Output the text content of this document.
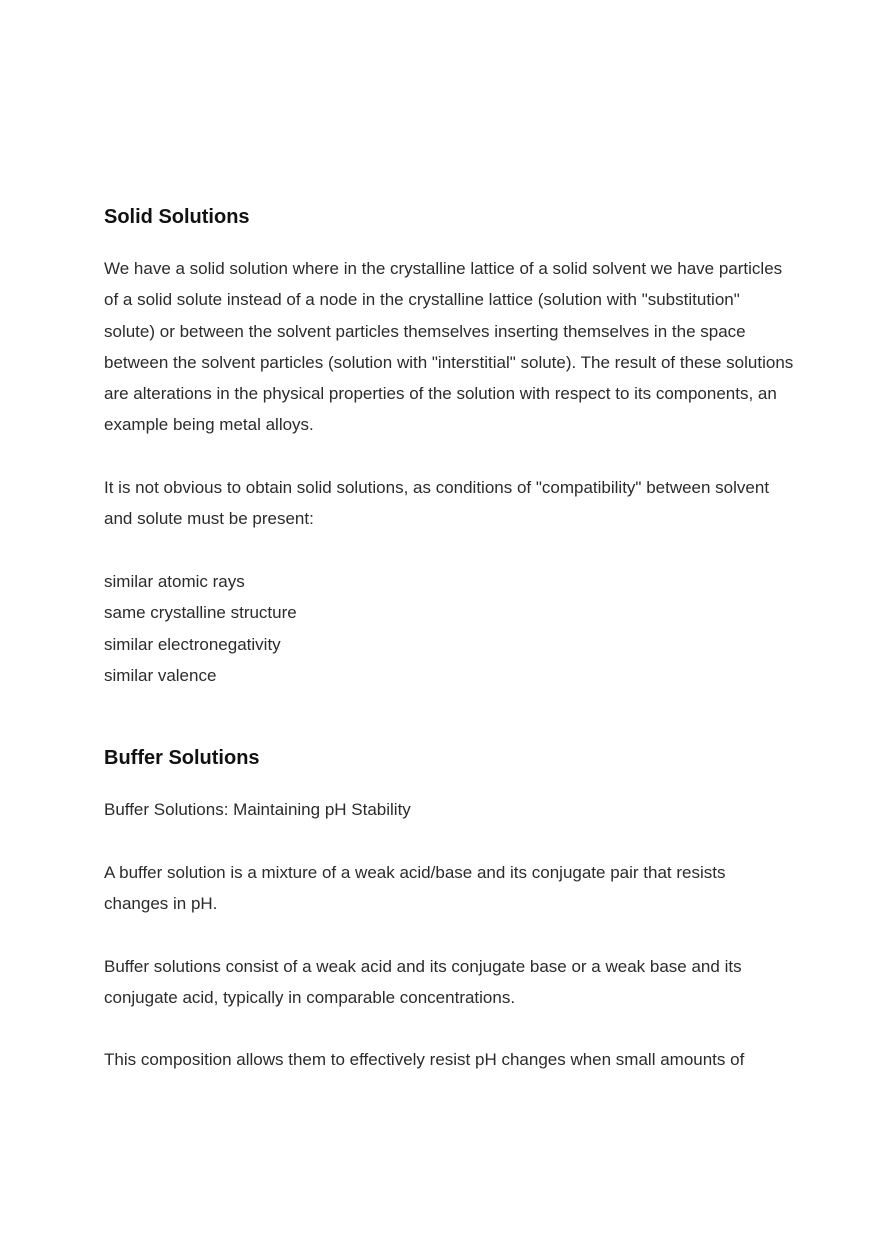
Solid Solutions

We have a solid solution where in the crystalline lattice of a solid solvent we have particles of a solid solute instead of a node in the crystalline lattice (solution with "substitution" solute) or between the solvent particles themselves inserting themselves in the space between the solvent particles (solution with "interstitial" solute). The result of these solutions are alterations in the physical properties of the solution with respect to its components, an example being metal alloys.

It is not obvious to obtain solid solutions, as conditions of "compatibility" between solvent and solute must be present:

similar atomic rays
same crystalline structure
similar electronegativity
similar valence
Buffer Solutions

Buffer Solutions: Maintaining pH Stability

A buffer solution is a mixture of a weak acid/base and its conjugate pair that resists changes in pH.

Buffer solutions consist of a weak acid and its conjugate base or a weak base and its conjugate acid, typically in comparable concentrations.

This composition allows them to effectively resist pH changes when small amounts of
